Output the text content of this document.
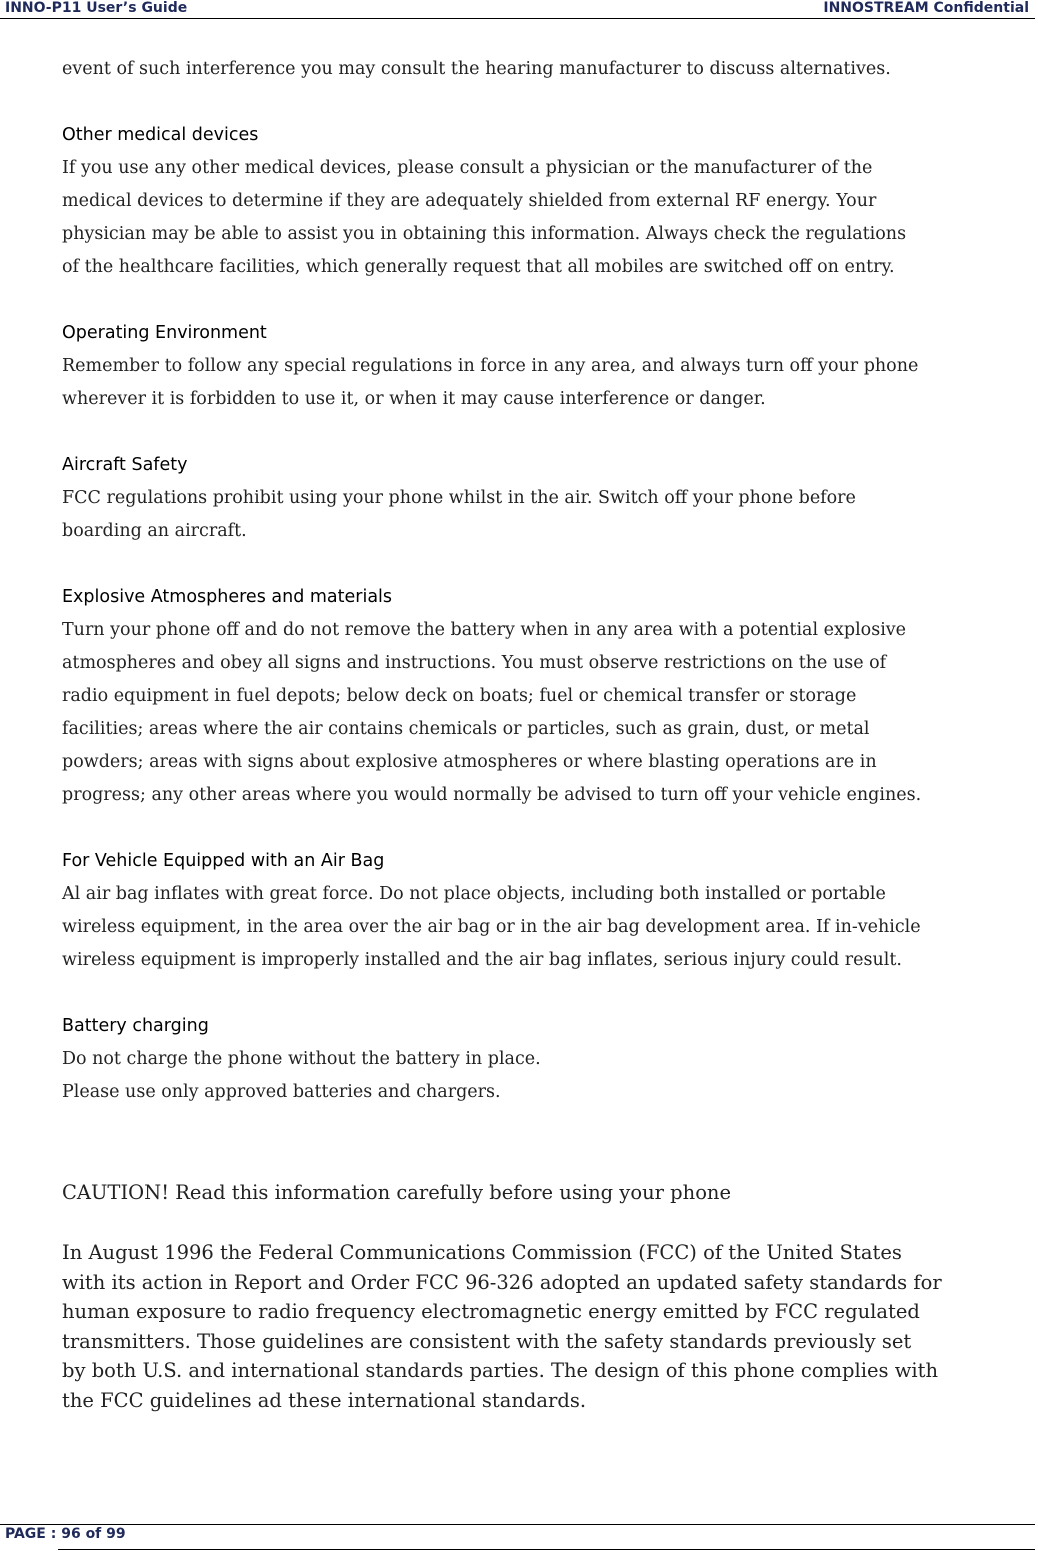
INNO-P11 User’s Guide	INNOSTREAM Confidential

event of such interference you may consult the hearing manufacturer to discuss alternatives.

Other medical devices

If you use any other medical devices, please consult a physician or the manufacturer of the

medical devices to determine if they are adequately shielded from external RF energy. Your

physician may be able to assist you in obtaining this information. Always check the regulations

of the healthcare facilities, which generally request that all mobiles are switched off on entry.

Operating Environment

Remember to follow any special regulations in force in any area, and always turn off your phone

wherever it is forbidden to use it, or when it may cause interference or danger.

Aircraft Safety

FCC regulations prohibit using your phone whilst in the air. Switch off your phone before

boarding an aircraft.

Explosive Atmospheres and materials

Turn your phone off and do not remove the battery when in any area with a potential explosive

atmospheres and obey all signs and instructions. You must observe restrictions on the use of

radio equipment in fuel depots; below deck on boats; fuel or chemical transfer or storage

facilities; areas where the air contains chemicals or particles, such as grain, dust, or metal

powders; areas with signs about explosive atmospheres or where blasting operations are in

progress; any other areas where you would normally be advised to turn off your vehicle engines.

For Vehicle Equipped with an Air Bag

Al air bag inflates with great force. Do not place objects, including both installed or portable

wireless equipment, in the area over the air bag or in the air bag development area. If in-vehicle

wireless equipment is improperly installed and the air bag inflates, serious injury could result.

Battery charging

Do not charge the phone without the battery in place.

Please use only approved batteries and chargers.

CAUTION! Read this information carefully before using your phone

In August 1996 the Federal Communications Commission (FCC) of the United States

with its action in Report and Order FCC 96-326 adopted an updated safety standards for

human exposure to radio frequency electromagnetic energy emitted by FCC regulated

transmitters. Those guidelines are consistent with the safety standards previously set

by both U.S. and international standards parties. The design of this phone complies with

the FCC guidelines ad these international standards.

PAGE : 96 of 99
